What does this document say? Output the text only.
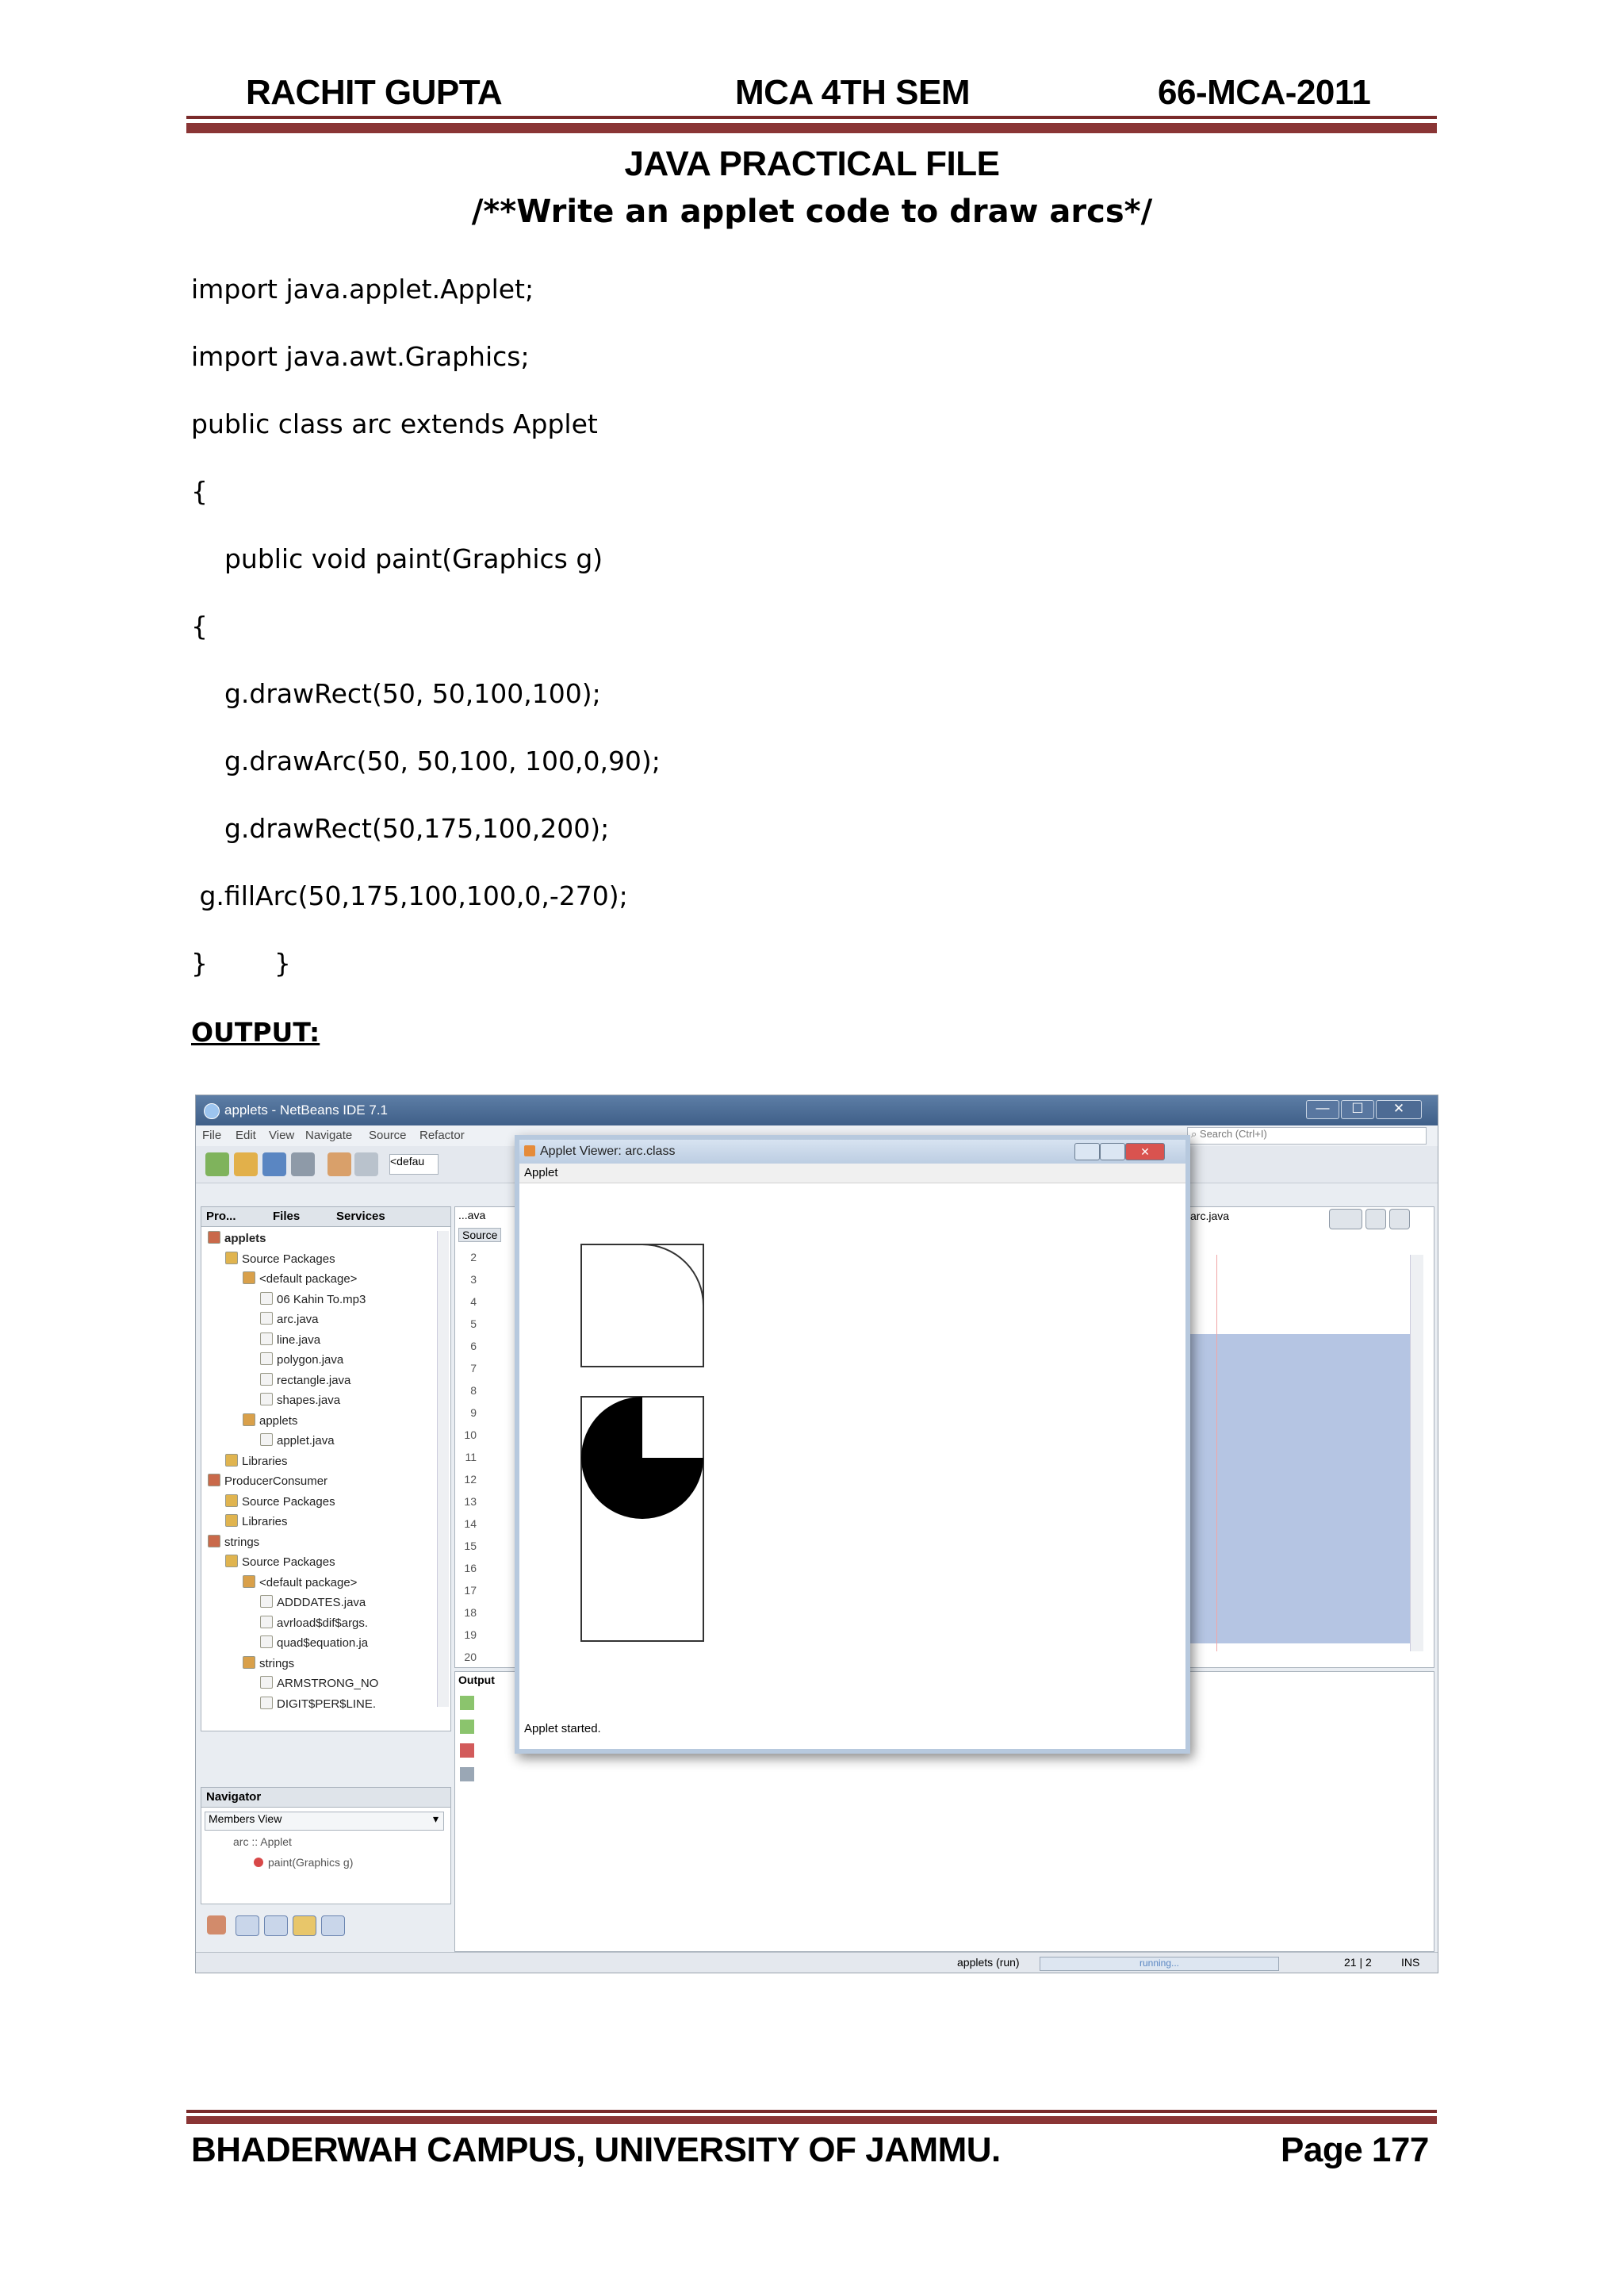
RACHIT GUPTA	MCA 4TH SEM	66-MCA-2011
JAVA PRACTICAL FILE
/**Write an applet code to draw arcs*/
import java.applet.Applet;
import java.awt.Graphics;
public class arc extends Applet
{
public void paint(Graphics g)
{
g.drawRect(50, 50,100,100);
g.drawArc(50, 50,100, 100,0,90);
g.drawRect(50,175,100,200);
g.fillArc(50,175,100,100,0,-270);
}        }
OUTPUT:
applets - NetBeans IDE 7.1	—	☐	✕
File Edit View Navigate Source Refactor	⌕ Search (Ctrl+I)
<defau
Pro...	Files	Services
applets
Source Packages
<default package>
06 Kahin To.mp3
arc.java
line.java
polygon.java
rectangle.java
shapes.java
applets
applet.java
Libraries
ProducerConsumer
Source Packages
Libraries
strings
Source Packages
<default package>
ADDDATES.java
avrload$dif$args.
quad$equation.ja
strings
ARMSTRONG_NO
DIGIT$PER$LINE.
Navigator
Members View	▾
arc :: Applet
paint(Graphics g)
...ava
Source
arc.java
2
3
4
5
6
7
8
9
10
11
12
13
14
15
16
17
18
19
20
Output
Applet Viewer: arc.class	✕
Applet
Applet started.
applets (run)	running...	21 | 2	INS
BHADERWAH CAMPUS, UNIVERSITY OF JAMMU.	Page 177
